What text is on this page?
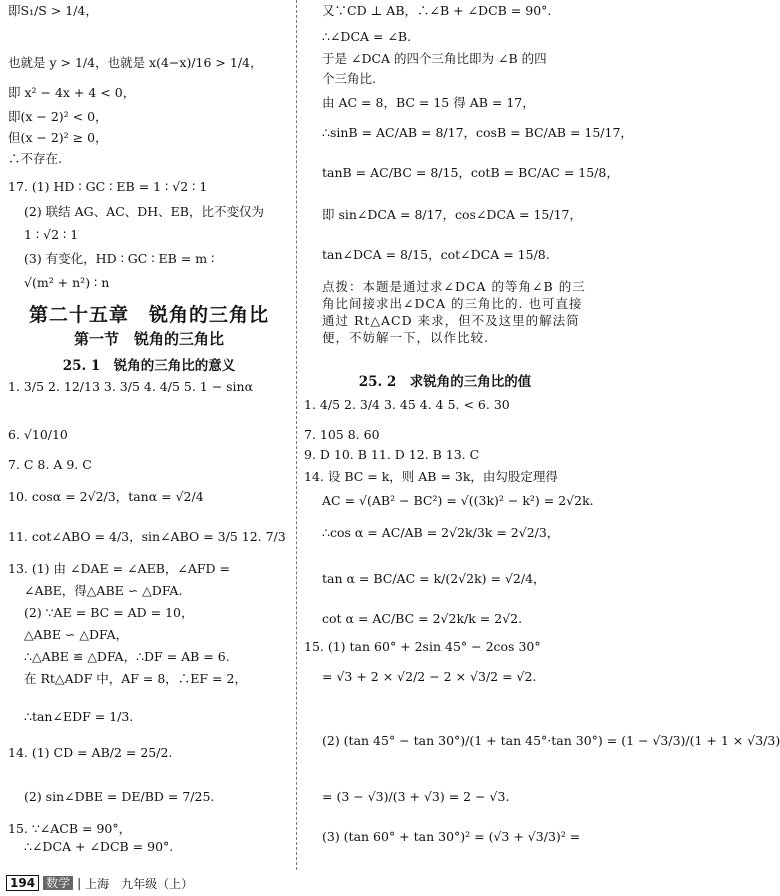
即S₁/S > 1/4，
也就是 y > 1/4，也就是 x(4−x)/16 > 1/4，
即 x² − 4x + 4 < 0，
即(x − 2)² < 0，
但(x − 2)² ≥ 0，
∴不存在.
17. (1) HD ∶ GC ∶ EB = 1 ∶ √2 ∶ 1
(2) 联结 AG、AC、DH、EB，比不变仅为
1 ∶ √2 ∶ 1
(3) 有变化，HD ∶ GC ∶ EB = m ∶
√(m² + n²) ∶ n
第二十五章　锐角的三角比
第一节　锐角的三角比
25. 1　锐角的三角比的意义
1. 3/5 2. 12/13 3. 3/5 4. 4/5 5. 1 − sinα
6. √10/10
7. C 8. A 9. C
10. cosα = 2√2/3，tanα = √2/4
11. cot∠ABO = 4/3，sin∠ABO = 3/5 12. 7/3
13. (1) 由 ∠DAE = ∠AEB，∠AFD =
∠ABE，得△ABE ∽ △DFA.
(2) ∵AE = BC = AD = 10，
△ABE ∽ △DFA，
∴△ABE ≌ △DFA，∴DF = AB = 6.
在 Rt△ADF 中，AF = 8，∴EF = 2，
∴tan∠EDF = 1/3.
14. (1) CD = AB/2 = 25/2.
(2) sin∠DBE = DE/BD = 7/25.
15. ∵∠ACB = 90°，
∴∠DCA + ∠DCB = 90°.
又∵CD ⊥ AB，∴∠B + ∠DCB = 90°.
∴∠DCA = ∠B.
于是 ∠DCA 的四个三角比即为 ∠B 的四
个三角比.
由 AC = 8，BC = 15 得 AB = 17，
∴sinB = AC/AB = 8/17，cosB = BC/AB = 15/17，
tanB = AC/BC = 8/15，cotB = BC/AC = 15/8，
即 sin∠DCA = 8/17，cos∠DCA = 15/17，
tan∠DCA = 8/15，cot∠DCA = 15/8.
点拨：本题是通过求∠DCA 的等角∠B 的三角比间接求出∠DCA 的三角比的. 也可直接通过 Rt△ACD 来求，但不及这里的解法简便，不妨解一下，以作比较.
25. 2　求锐角的三角比的值
1. 4/5 2. 3/4 3. 45 4. 4 5. < 6. 30
7. 105 8. 60
9. D 10. B 11. D 12. B 13. C
14. 设 BC = k，则 AB = 3k，由勾股定理得
AC = √(AB² − BC²) = √((3k)² − k²) = 2√2k.
∴cos α = AC/AB = 2√2k/3k = 2√2/3，
tan α = BC/AC = k/(2√2k) = √2/4，
cot α = AC/BC = 2√2k/k = 2√2.
15. (1) tan 60° + 2sin 45° − 2cos 30°
= √3 + 2 × √2/2 − 2 × √3/2 = √2.
(2) (tan 45° − tan 30°)/(1 + tan 45°·tan 30°) = (1 − √3/3)/(1 + 1 × √3/3)
= (3 − √3)/(3 + √3) = 2 − √3.
(3) (tan 60° + tan 30°)² = (√3 + √3/3)² =
194 数学 | 上海　九年级（上）
